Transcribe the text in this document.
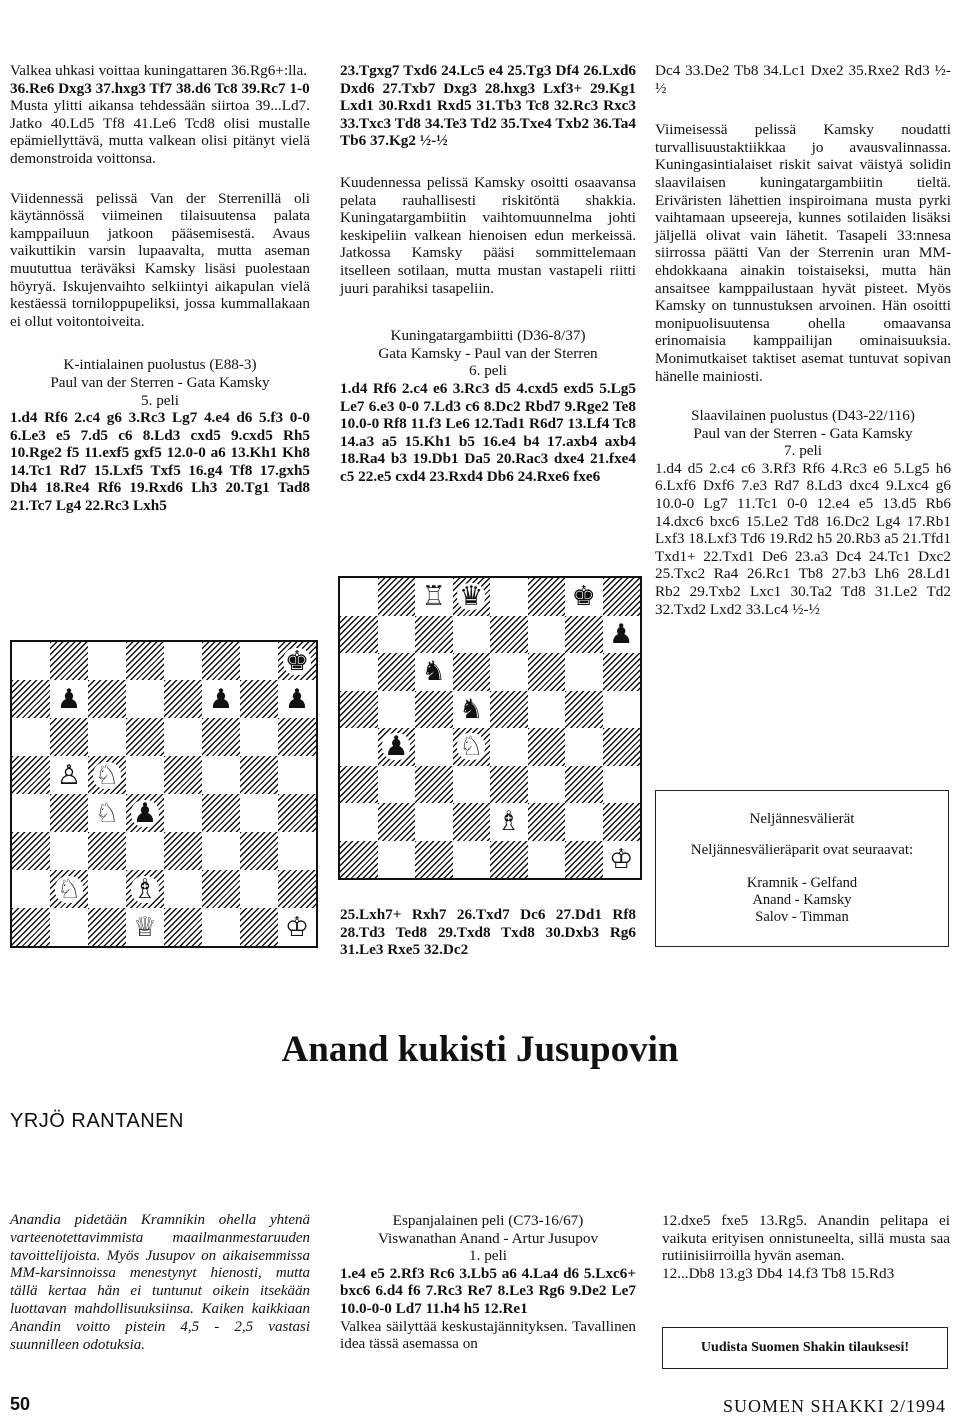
Valkea uhkasi voittaa kuningattaren 36.Rg6+:lla.
36.Re6 Dxg3 37.hxg3 Tf7 38.d6 Tc8 39.Rc7 1-0
Musta ylitti aikansa tehdessään siirtoa 39...Ld7. Jatko 40.Ld5 Tf8 41.Le6 Tcd8 olisi mustalle epämiellyttävä, mutta valkean olisi pitänyt vielä demonstroida voittonsa.

Viidennessä pelissä Van der Sterrenillä oli käytännössä viimeinen tilaisuutensa palata kamppailuun jatkoon pääsemisestä. Avaus vaikuttikin varsin lupaavalta, mutta aseman muututtua teräväksi Kamsky lisäsi puolestaan höyryä. Iskujenvaihto selkiintyi aikapulan vielä kestäessä torniloppupeliksi, jossa kummallakaan ei ollut voitontoiveita.

K-intialainen puolustus (E88-3)

Paul van der Sterren - Gata Kamsky

5. peli

1.d4 Rf6 2.c4 g6 3.Rc3 Lg7 4.e4 d6 5.f3 0-0 6.Le3 e5 7.d5 c6 8.Ld3 cxd5 9.cxd5 Rh5 10.Rge2 f5 11.exf5 gxf5 12.0-0 a6 13.Kh1 Kh8 14.Tc1 Rd7 15.Lxf5 Txf5 16.g4 Tf8 17.gxh5 Dh4 18.Re4 Rf6 19.Rxd6 Lh3 20.Tg1 Tad8 21.Tc7 Lg4 22.Rc3 Lxh5

♚
♟	♟ ♟
♙ ♘
♘ ♟
♘ ♗
♕	♔

23.Tgxg7 Txd6 24.Lc5 e4 25.Tg3 Df4 26.Lxd6 Dxd6 27.Txb7 Dxg3 28.hxg3 Lxf3+ 29.Kg1 Lxd1 30.Rxd1 Rxd5 31.Tb3 Tc8 32.Rc3 Rxc3 33.Txc3 Td8 34.Te3 Td2 35.Txe4 Txb2 36.Ta4 Tb6 37.Kg2 ½-½

Kuudennessa pelissä Kamsky osoitti osaavansa pelata rauhallisesti riskitöntä shakkia. Kuningatargambiitin vaihtomuunnelma johti keskipeliin valkean hienoisen edun merkeissä. Jatkossa Kamsky pääsi sommittelemaan itselleen sotilaan, mutta mustan vastapeli riitti juuri parahiksi tasapeliin.

Kuningatargambiitti (D36-8/37)

Gata Kamsky - Paul van der Sterren

6. peli

1.d4 Rf6 2.c4 e6 3.Rc3 d5 4.cxd5 exd5 5.Lg5 Le7 6.e3 0-0 7.Ld3 c6 8.Dc2 Rbd7 9.Rge2 Te8 10.0-0 Rf8 11.f3 Le6 12.Tad1 R6d7 13.Lf4 Tc8 14.a3 a5 15.Kh1 b5 16.e4 b4 17.axb4 axb4 18.Ra4 b3 19.Db1 Da5 20.Rac3 dxe4 21.fxe4 c5 22.e5 cxd4 23.Rxd4 Db6 24.Rxe6 fxe6

♖ ♛	♚
♟
♞
♞
♟ ♘
♗
♔

25.Lxh7+ Rxh7 26.Txd7 Dc6 27.Dd1 Rf8 28.Td3 Ted8 29.Txd8 Txd8 30.Dxb3 Rg6 31.Le3 Rxe5 32.Dc2

Dc4 33.De2 Tb8 34.Lc1 Dxe2 35.Rxe2 Rd3 ½-½

Viimeisessä pelissä Kamsky noudatti turvallisuustaktiikkaa jo avausvalinnassa. Kuningasintialaiset riskit saivat väistyä solidin slaavilaisen kuningatargambiitin tieltä. Eriväristen lähettien inspiroimana musta pyrki vaihtamaan upseereja, kunnes sotilaiden lisäksi jäljellä olivat vain lähetit. Tasapeli 33:nnesa siirrossa päätti Van der Sterrenin uran MM-ehdokkaana ainakin toistaiseksi, mutta hän ansaitsee kamppailustaan hyvät pisteet. Myös Kamsky on tunnustuksen arvoinen. Hän osoitti monipuolisuutensa ohella omaavansa erinomaisia kamppailijan ominaisuuksia. Monimutkaiset taktiset asemat tuntuvat sopivan hänelle mainiosti.

Slaavilainen puolustus (D43-22/116)

Paul van der Sterren - Gata Kamsky

7. peli

1.d4 d5 2.c4 c6 3.Rf3 Rf6 4.Rc3 e6 5.Lg5 h6 6.Lxf6 Dxf6 7.e3 Rd7 8.Ld3 dxc4 9.Lxc4 g6 10.0-0 Lg7 11.Tc1 0-0 12.e4 e5 13.d5 Rb6 14.dxc6 bxc6 15.Le2 Td8 16.Dc2 Lg4 17.Rb1 Lxf3 18.Lxf3 Td6 19.Rd2 h5 20.Rb3 a5 21.Tfd1 Txd1+ 22.Txd1 De6 23.a3 Dc4 24.Tc1 Dxc2 25.Txc2 Ra4 26.Rc1 Tb8 27.b3 Lh6 28.Ld1 Rb2 29.Txb2 Lxc1 30.Ta2 Td8 31.Le2 Td2 32.Txd2 Lxd2 33.Lc4 ½-½

Neljännesvälierät
Neljännesvälieräparit ovat seuraavat:
Kramnik - Gelfand
Anand - Kamsky
Salov - Timman
Anand kukisti Jusupovin
YRJÖ RANTANEN
Anandia pidetään Kramnikin ohella yhtenä varteenotettavimmista maailmanmestaruuden tavoittelijoista. Myös Jusupov on aikaisemmissa MM-karsinnoissa menestynyt hienosti, mutta tällä kertaa hän ei tuntunut oikein itsekään luottavan mahdollisuuksiinsa. Kaiken kaikkiaan Anandin voitto pistein 4,5 - 2,5 vastasi suunnilleen odotuksia.

Espanjalainen peli (C73-16/67)

Viswanathan Anand - Artur Jusupov

1. peli

1.e4 e5 2.Rf3 Rc6 3.Lb5 a6 4.La4 d6 5.Lxc6+ bxc6 6.d4 f6 7.Rc3 Re7 8.Le3 Rg6 9.De2 Le7 10.0-0-0 Ld7 11.h4 h5 12.Re1

Valkea säilyttää keskustajännityksen. Tavallinen idea tässä asemassa on

12.dxe5 fxe5 13.Rg5. Anandin pelitapa ei vaikuta erityisen onnistuneelta, sillä musta saa rutiinisiirroilla hyvän aseman.

12...Db8 13.g3 Db4 14.f3 Tb8 15.Rd3

Uudista Suomen Shakin tilauksesi!
50	SUOMEN SHAKKI 2/1994
